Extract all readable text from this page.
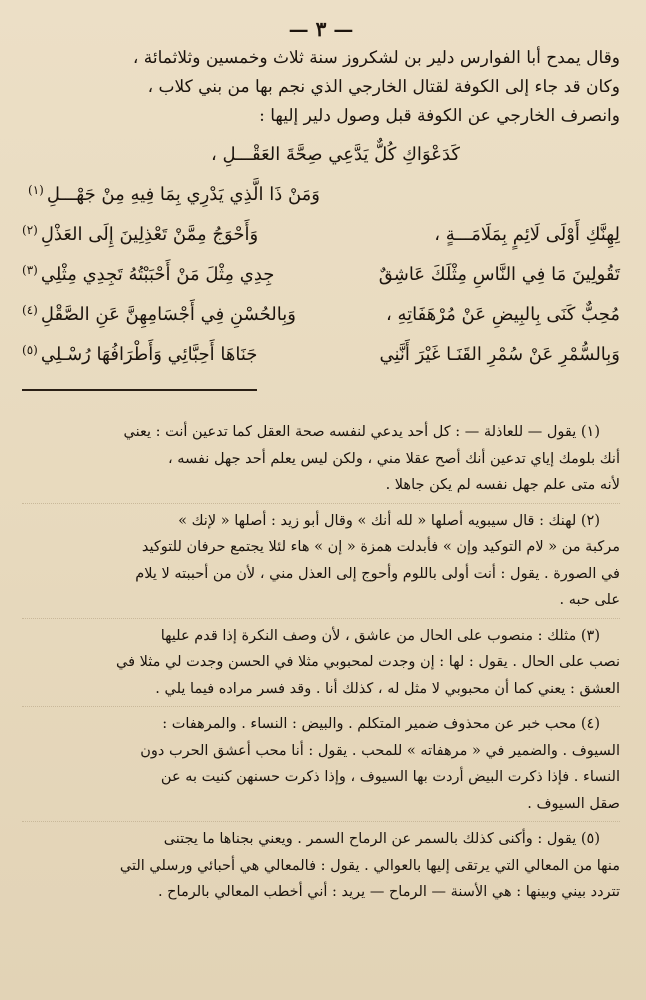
— ٣ —

وقال يمدح أبا الفوارس دلير بن لشكروز سنة ثلاث وخمسين وثلاثمائة ،

وكان قد جاء إلى الكوفة لقتال الخارجي الذي نجم بها من بني كلاب ،

وانصرف الخارجي عن الكوفة قبل وصول دلير إليها :

كَدَعْوَاكِ كُلٌّ يَدَّعِي صِحَّةَ العَقْـــلِ ،
وَمَنْ ذَا الَّذِي يَدْرِي بِمَا فِيهِ مِنْ جَهْـــلِ$^{(١)}$
لِهِنَّكِ أَوْلَى لَائِمٍ بِمَلَامَـــةٍ ،
وَأَحْوَجُ مِمَّنْ تَعْذِلِينَ إِلَى العَذْلِ$^{(٢)}$
تَقُولِينَ مَا فِي النَّاسِ مِثْلَكَ عَاشِقٌ
جِدِي مِثْلَ مَنْ أَحْبَبْتُهُ تَجِدِي مِثْلِي$^{(٣)}$
مُحِبٌّ كَنَى بِالبِيضِ عَنْ مُرْهَفَاتِهِ ،
وَبِالحُسْنِ فِي أَجْسَامِهِنَّ عَنِ الصَّقْلِ$^{(٤)}$
وَبِالسُّمْرِ عَنْ سُمْرِ القَنَـا غَيْرَ أَنَّنِي
جَنَاهَا أَحِبَّائِي وَأَطْرَافُهَا رُسْـلِي$^{(٥)}$

(١) يقول — للعاذلة — : كل أحد يدعي لنفسه صحة العقل كما تدعين أنت : يعني

أنك بلومك إياي تدعين أنك أصح عقلا مني ، ولكن ليس يعلم أحد جهل نفسه ،

لأنه متى علم جهل نفسه لم يكن جاهلا .

(٢) لهنك : قال سيبويه أصلها « لله أنك » وقال أبو زيد : أصلها « لإنك »

مركبة من « لام التوكيد وإن » فأبدلت همزة « إن » هاء لئلا يجتمع حرفان للتوكيد

في الصورة . يقول : أنت أولى باللوم وأحوج إلى العذل مني ، لأن من أحببته لا يلام

على حبه .

(٣) مثلك : منصوب على الحال من عاشق ، لأن وصف النكرة إذا قدم عليها

نصب على الحال . يقول : لها : إن وجدت لمحبوبي مثلا في الحسن وجدت لي مثلا في

العشق : يعني كما أن محبوبي لا مثل له ، كذلك أنا . وقد فسر مراده فيما يلي .

(٤) محب خبر عن محذوف ضمير المتكلم . والبيض : النساء . والمرهفات :

السيوف . والضمير في « مرهفاته » للمحب . يقول : أنا محب أعشق الحرب دون

النساء . فإذا ذكرت البيض أردت بها السيوف ، وإذا ذكرت حسنهن كنيت به عن

صقل السيوف .

(٥) يقول : وأكنى كذلك بالسمر عن الرماح السمر . ويعني بجناها ما يجتنى

منها من المعالي التي يرتقى إليها بالعوالي . يقول : فالمعالي هي أحبائي ورسلي التي

تتردد بيني وبينها : هي الأسنة — الرماح — يريد : أني أخطب المعالي بالرماح .
